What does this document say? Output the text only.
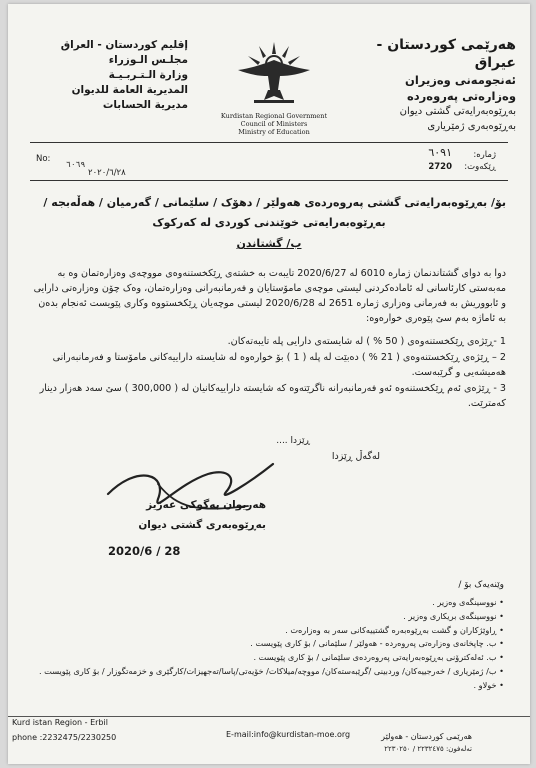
هەرێمی کوردستان - عیراق
ئەنجومەنی وەزیران
وەزارەتی پەروەردە
بەڕێوەبەرایەتی گشتی دیوان
بەڕێوەبەری ژمێریاری
إقليم كوردستان - العراق
مجلـس الـوزراء
وزارة الـتـربـيـة
المديرية العامة للديوان
مديرية الحسابات
Kurdistan Regional Government
Council of Ministers
Ministry of Education
No:
٦٠٦٩
٢٠٢٠/٦/٢٨
ژمارە:
٦٠٩١
ڕێکەوت:
2720
بۆ/ بەڕێوەبەرایەتی گشتی پەروەردەی هەولێر / دهۆک / سلێمانی / گەرمیان / هەڵەبجە /
بەڕێوەبەرایەتی خوێندنی کوردی لە کەرکوک
ب/ گشتاندن
دوا بە دوای گشتاندنمان ژمارە 6010 لە 2020/6/27 تایبەت بە خشتەی ڕێکخستنەوەی مووچەی وەزارەتمان وە بە مەبەستی کارئاسانی لە ئامادەکردنی لیستی موچەی مامۆستایان و فەرمانبەرانی وەزارەتمان، وەک چۆن وەزارەتی دارایی و ئابووریش بە فەرمانی وەزاری ژمارە 2651 لە 2020/6/28 لیستی موچەیان ڕێکخستووە وکاری پێویست ئەنجام بدەن بە ئاماژە بەم سێ پێوەری خوارەوە:
1 -ڕێژەی ڕێکخستنەوەی ( 50 % ) لە شایستەی دارایی پلە تایبەتەکان.
2 – ڕێژەی ڕێکخستنەوەی ( 21 % ) دەبێت لە پلە ( 1 ) بۆ خوارەوە لە شایستە داراییەکانی مامۆستا و فەرمانبەرانی هەمیشەیی و گرێبەست.
3 - ڕێژەی ئەم ڕێکخستنەوە ئەو فەرمانبەرانە ناگرێتەوە کە شایستە داراییەکانیان لە ( 300,000 ) سێ سەد هەزار دینار کەمترێت.
ڕێزدا ....
لەگەڵ ڕێزدا
هەریوان بەگوکی عەزیز
بەڕێوەبەری گشتی دیوان
2020/6 / 28
وێنەیەک بۆ /
• نووسینگەی وەزیر .
• نووسینگەی بریکاری وەزیر .
• ڕاوێژکاران و گشت بەڕێوەبەرە گشتییەکانی سەر بە وەزارەت .
• ب. چاپخانەی وەزارەتی پەروەردە - هەولێر / سلێمانی / بۆ کاری پێویست .
• ب. ئەلەکترۆنی بەڕێوەبەرایەتی پەروەردەی سلێمانی / بۆ کاری پێویست .
• ب/ ژمێریاری / خەرجییەکان/ وردبینی /گرێبەستەکان/ مووچە/میلاکات/ خۆیەتی/پاسا/تەجهیزات/کارگێری و خزمەتگوزار / بۆ کاری پێویست .
• خولاو .
Kurd istan Region - Erbil
phone :2232475/2230250	E-mail:info@kurdistan-moe.org	هەرێمی کوردستان - هەولێر
تەلەفون: ٢٢٣٢٤٧٥ / ٢٢٣٠٢٥٠
